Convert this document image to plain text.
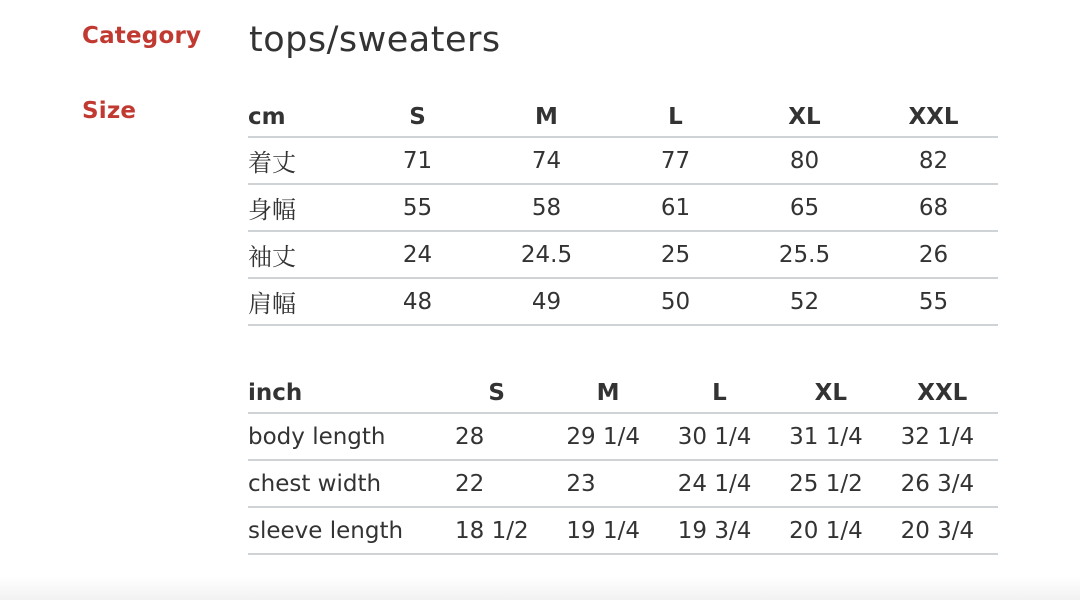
Category
Size
tops/sweaters
cm	S	M	L	XL	XXL
着丈	71	74	77	80	82
身幅	55	58	61	65	68
袖丈	24	24.5	25	25.5	26
肩幅	48	49	50	52	55
inch	S	M	L	XL	XXL
body length	28	29 1/4	30 1/4	31 1/4	32 1/4
chest width	22	23	24 1/4	25 1/2	26 3/4
sleeve length	18 1/2	19 1/4	19 3/4	20 1/4	20 3/4
